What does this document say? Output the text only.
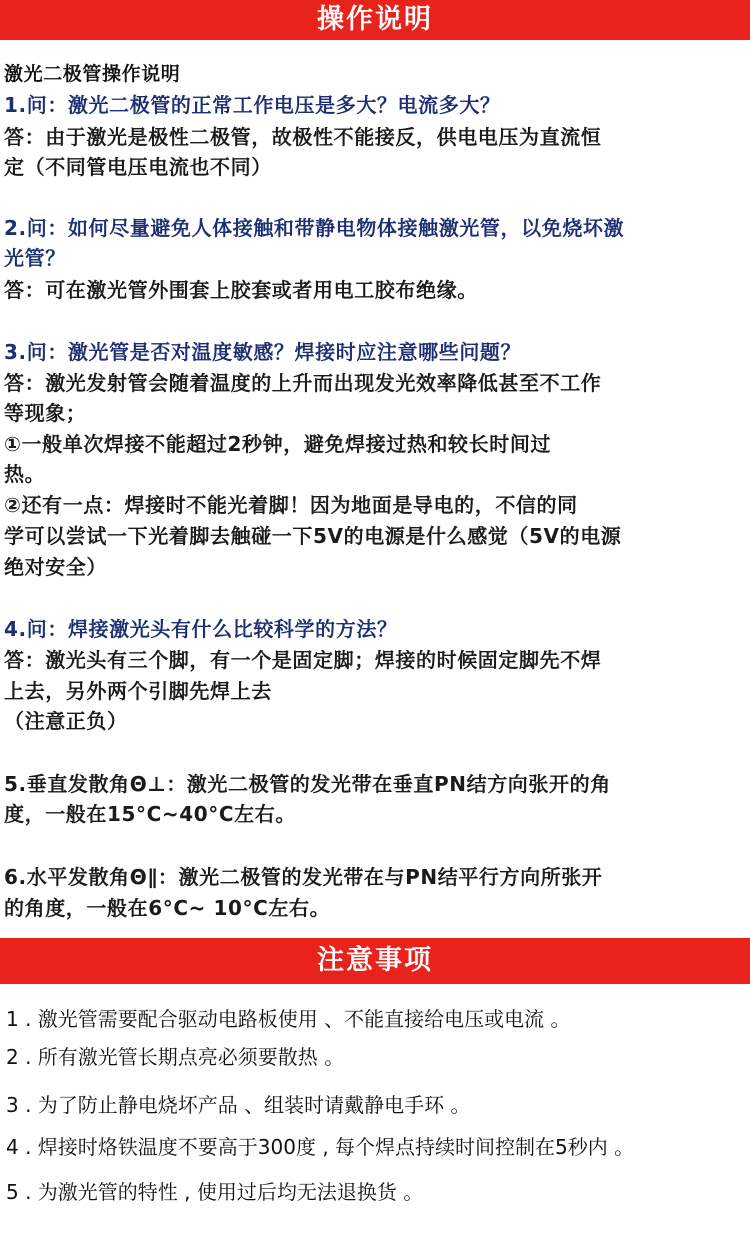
操作说明
激光二极管操作说明
1.问：激光二极管的正常工作电压是多大？电流多大？
答：由于激光是极性二极管，故极性不能接反，供电电压为直流恒
定（不同管电压电流也不同）
2.问：如何尽量避免人体接触和带静电物体接触激光管，以免烧坏激
光管？
答：可在激光管外围套上胶套或者用电工胶布绝缘。
3.问：激光管是否对温度敏感？焊接时应注意哪些问题？
答：激光发射管会随着温度的上升而出现发光效率降低甚至不工作
等现象；
①一般单次焊接不能超过2秒钟，避免焊接过热和较长时间过
热。
②还有一点：焊接时不能光着脚！因为地面是导电的，不信的同
学可以尝试一下光着脚去触碰一下5V的电源是什么感觉（5V的电源
绝对安全）
4.问：焊接激光头有什么比较科学的方法？
答：激光头有三个脚，有一个是固定脚；焊接的时候固定脚先不焊
上去，另外两个引脚先焊上去
（注意正负）
5.垂直发散角Θ⊥：激光二极管的发光带在垂直PN结方向张开的角
度，一般在15°C~40°C左右。
6.水平发散角Θ∥：激光二极管的发光带在与PN结平行方向所张开
的角度，一般在6°C~ 10°C左右。
注意事项
1 . 激光管需要配合驱动电路板使用 、不能直接给电压或电流 。
2 . 所有激光管长期点亮必须要散热 。
3 . 为了防止静电烧坏产品 、组装时请戴静电手环 。
4 . 焊接时烙铁温度不要高于300度 , 每个焊点持续时间控制在5秒内 。
5 . 为激光管的特性 , 使用过后均无法退换货 。
